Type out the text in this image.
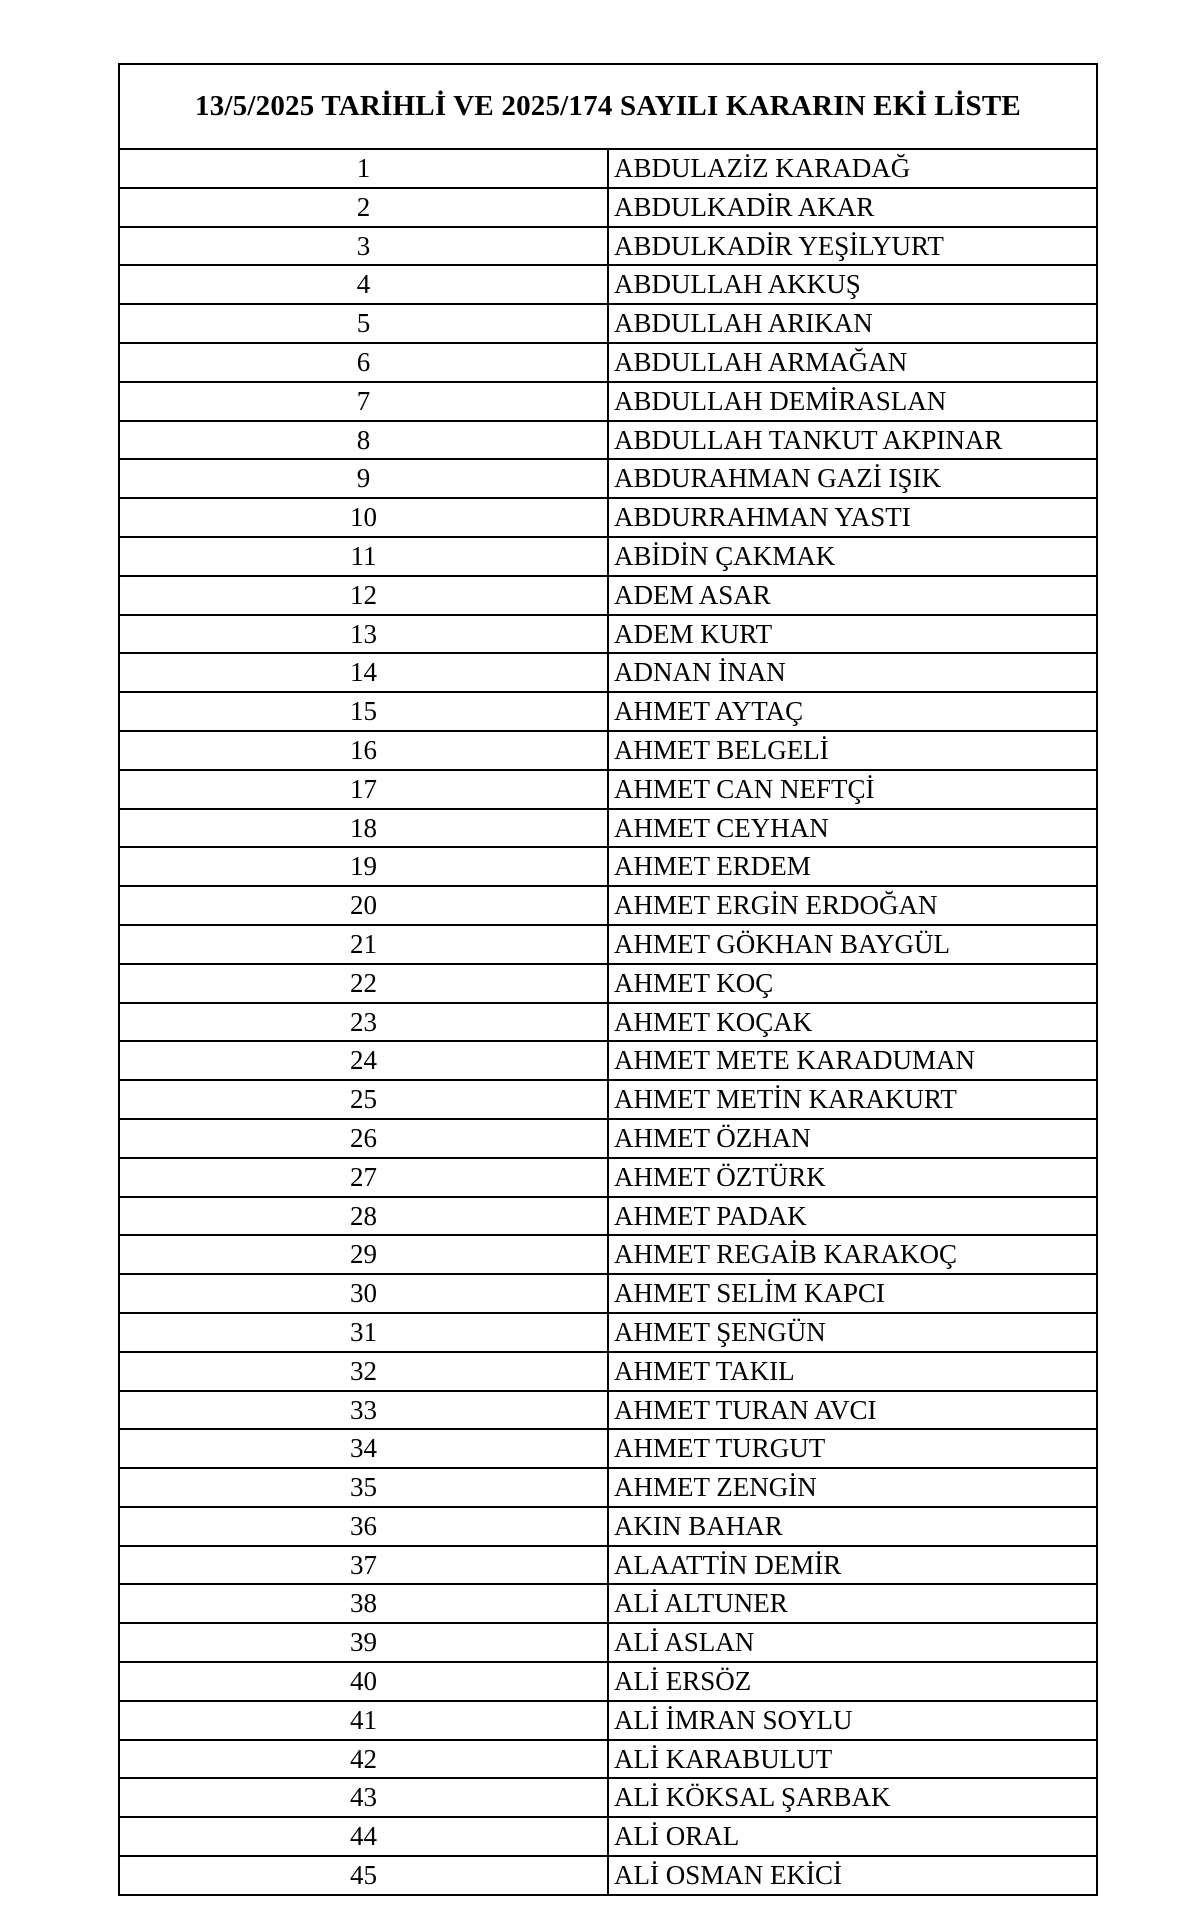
13/5/2025 TARİHLİ VE 2025/174 SAYILI KARARIN EKİ LİSTE	
1	ABDULAZİZ KARADAĞ
2	ABDULKADİR AKAR
3	ABDULKADİR YEŞİLYURT
4	ABDULLAH AKKUŞ
5	ABDULLAH ARIKAN
6	ABDULLAH ARMAĞAN
7	ABDULLAH DEMİRASLAN
8	ABDULLAH TANKUT AKPINAR
9	ABDURAHMAN GAZİ IŞIK
10	ABDURRAHMAN YASTI
11	ABİDİN ÇAKMAK
12	ADEM ASAR
13	ADEM KURT
14	ADNAN İNAN
15	AHMET AYTAÇ
16	AHMET BELGELİ
17	AHMET CAN NEFTÇİ
18	AHMET CEYHAN
19	AHMET ERDEM
20	AHMET ERGİN ERDOĞAN
21	AHMET GÖKHAN BAYGÜL
22	AHMET KOÇ
23	AHMET KOÇAK
24	AHMET METE KARADUMAN
25	AHMET METİN KARAKURT
26	AHMET ÖZHAN
27	AHMET ÖZTÜRK
28	AHMET PADAK
29	AHMET REGAİB KARAKOÇ
30	AHMET SELİM KAPCI
31	AHMET ŞENGÜN
32	AHMET TAKIL
33	AHMET TURAN AVCI
34	AHMET TURGUT
35	AHMET ZENGİN
36	AKIN BAHAR
37	ALAATTİN DEMİR
38	ALİ ALTUNER
39	ALİ ASLAN
40	ALİ ERSÖZ
41	ALİ İMRAN SOYLU
42	ALİ KARABULUT
43	ALİ KÖKSAL ŞARBAK
44	ALİ ORAL
45	ALİ OSMAN EKİCİ
